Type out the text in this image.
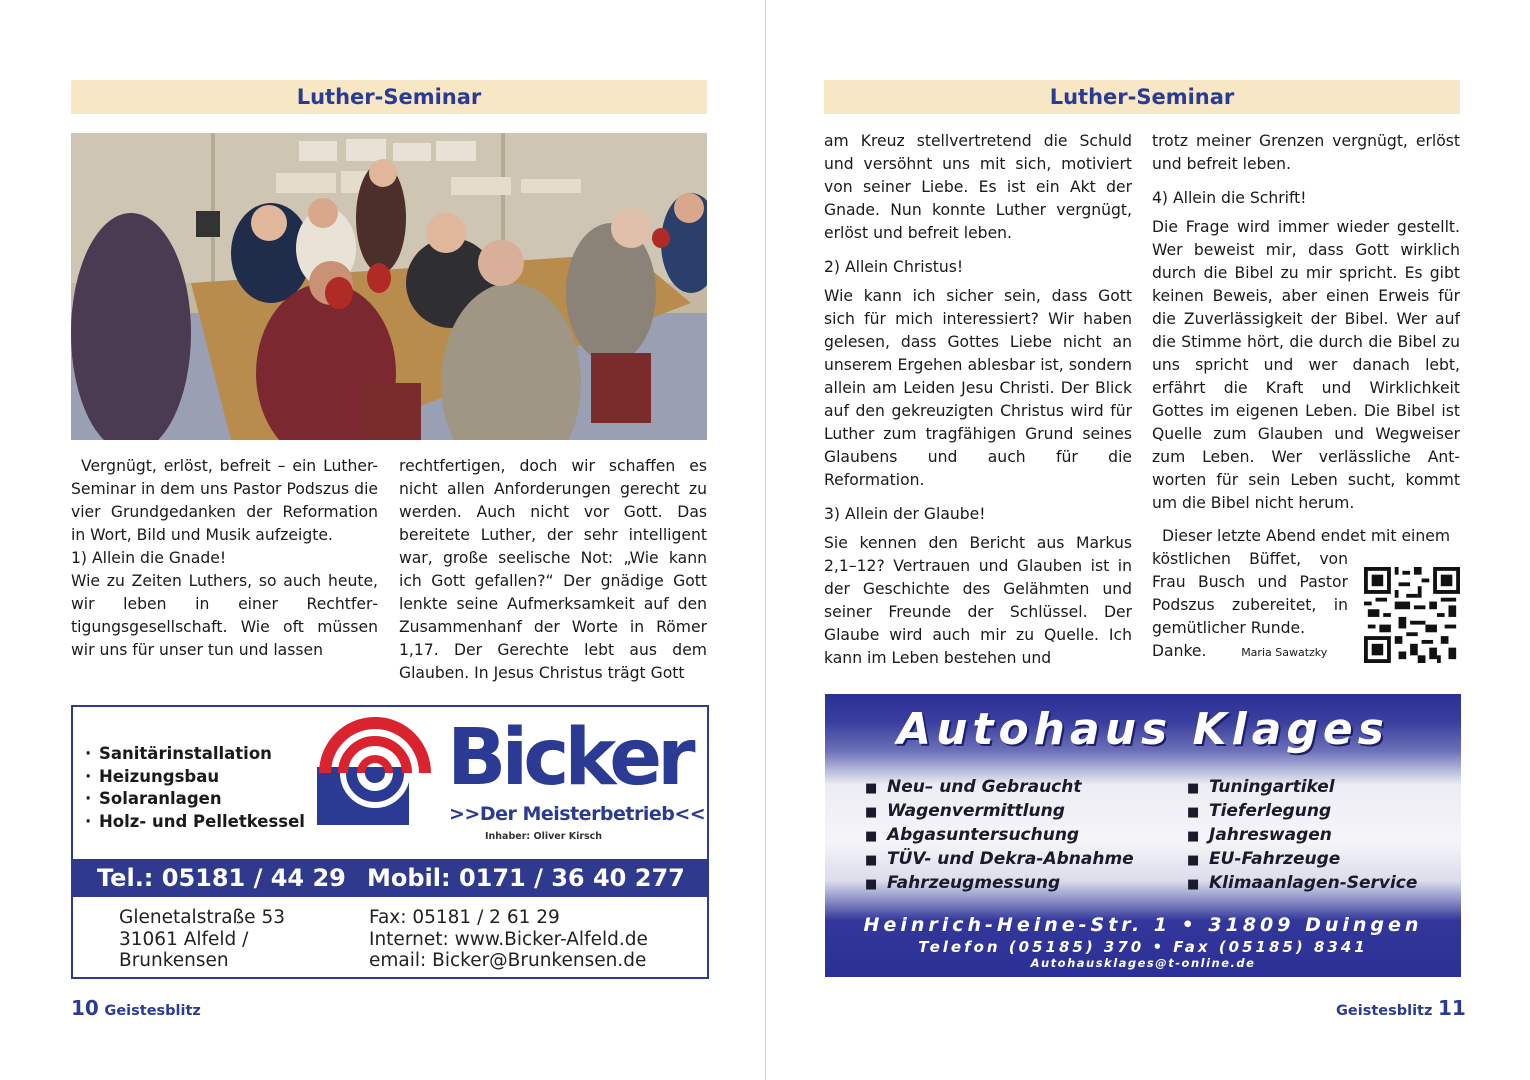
Luther-Seminar

Vergnügt, erlöst, befreit – ein Luther-Seminar in dem uns Pastor Podszus die vier Grundgedanken der Reformation in Wort, Bild und Musik aufzeigte.

1) Allein die Gnade!

Wie zu Zeiten Luthers, so auch heute, wir leben in einer Rechtfertigungsgesellschaft. Wie oft müssen wir uns für unser tun und lassen

rechtfertigen, doch wir schaffen es nicht allen Anforderungen gerecht zu werden. Auch nicht vor Gott. Das bereitete Luther, der sehr intelligent war, große seelische Not: „Wie kann ich Gott gefallen?“ Der gnädige Gott lenkte seine Aufmerksamkeit auf den Zusammenhanf der Worte in Römer 1,17. Der Gerechte lebt aus dem Glauben. In Jesus Christus trägt Gott

· Sanitärinstallation
· Heizungsbau
· Solaranlagen
· Holz- und Pelletkessel
Bicker
>>Der Meisterbetrieb<<
Inhaber: Oliver Kirsch
Tel.: 05181 / 44 29 Mobil: 0171 / 36 40 277
Glenetalstraße 53
31061 Alfeld /
Brunkensen
Fax: 05181 / 2 61 29
Internet: www.Bicker-Alfeld.de
email: Bicker@Brunkensen.de
10 Geistesblitz
Luther-Seminar

am Kreuz stellvertretend die Schuld und versöhnt uns mit sich, motiviert von seiner Liebe. Es ist ein Akt der Gnade. Nun konnte Luther vergnügt, erlöst und befreit leben.

2) Allein Christus!

Wie kann ich sicher sein, dass Gott sich für mich interessiert? Wir haben gelesen, dass Gottes Liebe nicht an unserem Ergehen ablesbar ist, sondern allein am Leiden Jesu Christi. Der Blick auf den gekreuzigten Christus wird für Luther zum tragfähigen Grund seines Glaubens und auch für die Reformation.

3) Allein der Glaube!

Sie kennen den Bericht aus Markus 2,1–12? Vertrauen und Glauben ist in der Geschichte des Gelähmten und seiner Freunde der Schlüssel. Der Glaube wird auch mir zu Quelle. Ich kann im Leben bestehen und

trotz meiner Grenzen vergnügt, erlöst und befreit leben.

4) Allein die Schrift!

Die Frage wird immer wieder gestellt. Wer beweist mir, dass Gott wirklich durch die Bibel zu mir spricht. Es gibt keinen Beweis, aber einen Erweis für die Zuverlässigkeit der Bibel. Wer auf die Stimme hört, die durch die Bibel zu uns spricht und wer danach lebt, erfährt die Kraft und Wirklichkeit Gottes im eigenen Leben. Die Bibel ist Quelle zum Glauben und Wegweiser zum Leben. Wer verlässliche Antworten für sein Leben sucht, kommt um die Bibel nicht herum.

Dieser letzte Abend endet mit einem

köstlichen Büffet, von Frau Busch und Pastor Podszus zubereitet, in gemütlicher Runde.

Danke.	Maria Sawatzky

Autohaus Klages
■ Neu– und Gebraucht
■ Wagenvermittlung
■ Abgasuntersuchung
■ TÜV- und Dekra-Abnahme
■ Fahrzeugmessung
■ Tuningartikel
■ Tieferlegung
■ Jahreswagen
■ EU-Fahrzeuge
■ Klimaanlagen-Service
Heinrich-Heine-Str. 1 • 31809 Duingen
Telefon (05185) 370 • Fax (05185) 8341
Autohausklages@t-online.de
Geistesblitz 11
